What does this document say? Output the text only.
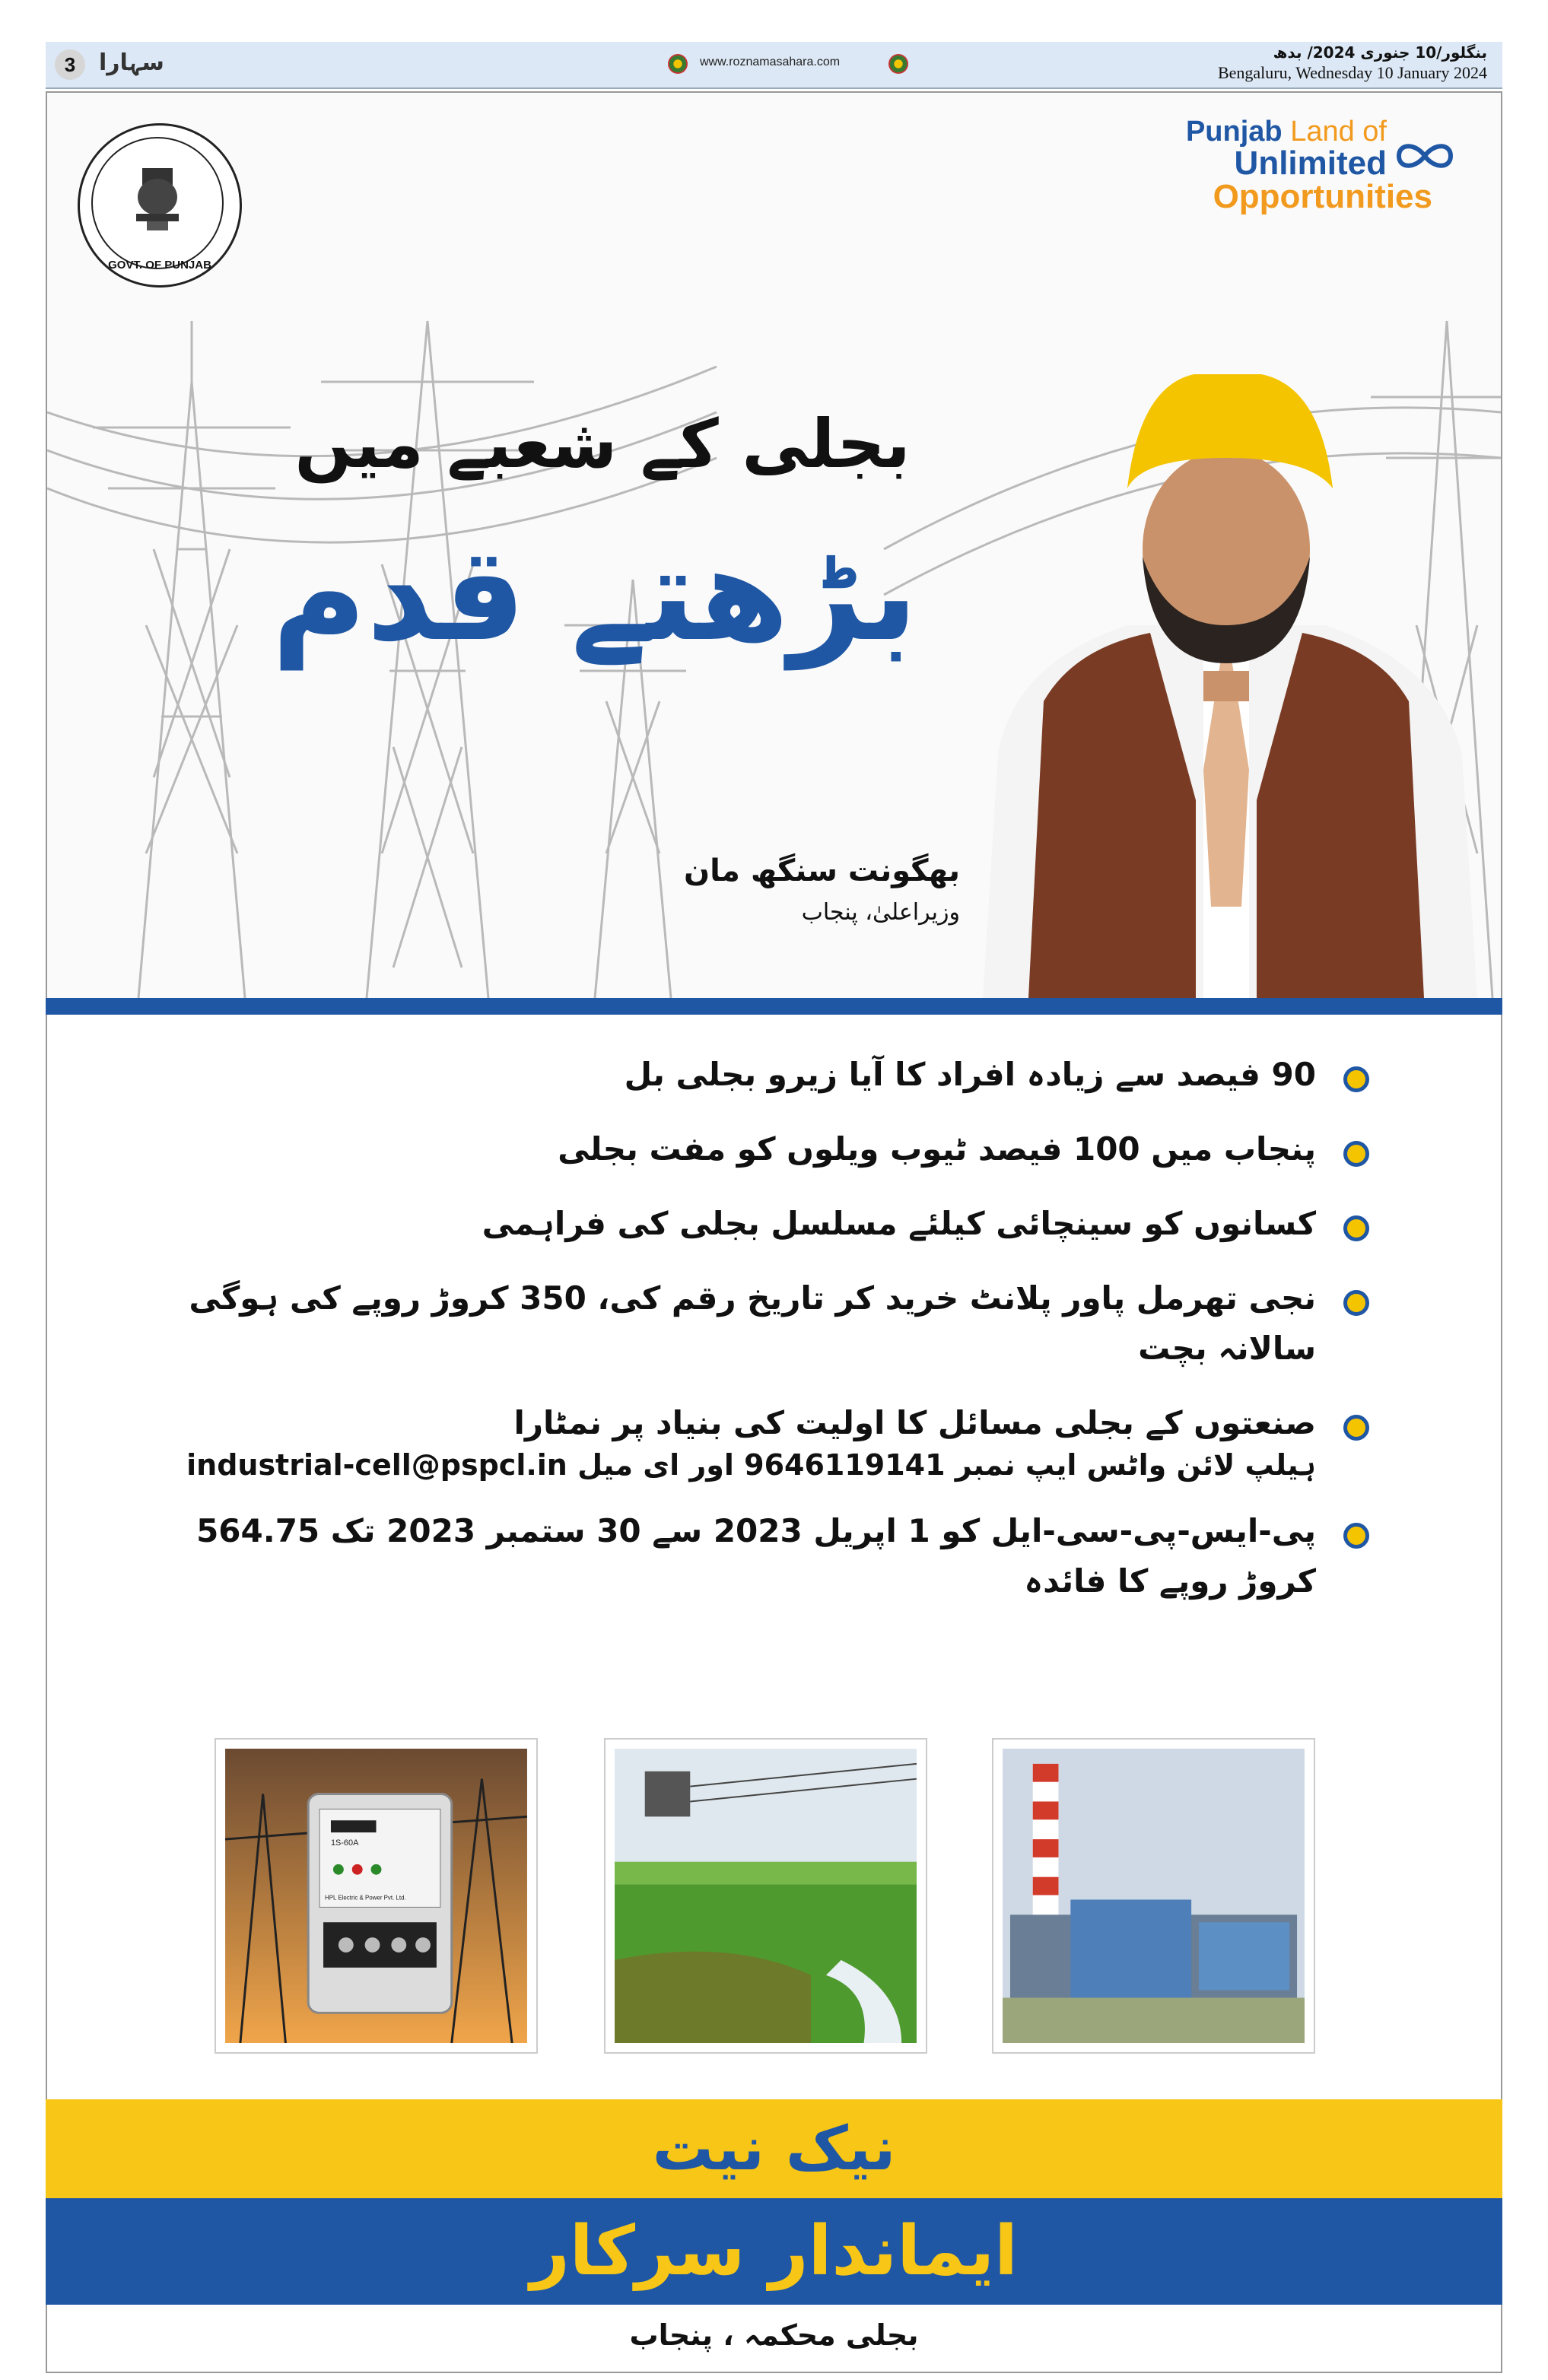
3	سہارا	www.roznamasahara.com
بنگلور/10 جنوری 2024/ بدھ
Bengaluru, Wednesday 10 January 2024
GOVT. OF PUNJAB
Punjab Land of
Unlimited
Opportunities
بجلی کے شعبے میں
بڑھتے قدم
بھگونت سنگھ مان
وزیراعلیٰ، پنجاب
90 فیصد سے زیادہ افراد کا آیا زیرو بجلی بل
پنجاب میں 100 فیصد ٹیوب ویلوں کو مفت بجلی
کسانوں کو سینچائی کیلئے مسلسل بجلی کی فراہمی
نجی تھرمل پاور پلانٹ خرید کر تاریخ رقم کی، 350 کروڑ روپے کی ہوگی سالانہ بچت
صنعتوں کے بجلی مسائل کا اولیت کی بنیاد پر نمٹارا
ہیلپ لائن واٹس ایپ نمبر 9646119141 اور ای میل industrial-cell@pspcl.in
پی-ایس-پی-سی-ایل کو 1 اپریل 2023 سے 30 ستمبر 2023 تک 564.75 کروڑ روپے کا فائدہ
1S-60A
HPL Electric & Power Pvt. Ltd.
نیک نیت
ایماندار سرکار
بجلی محکمہ ، پنجاب
